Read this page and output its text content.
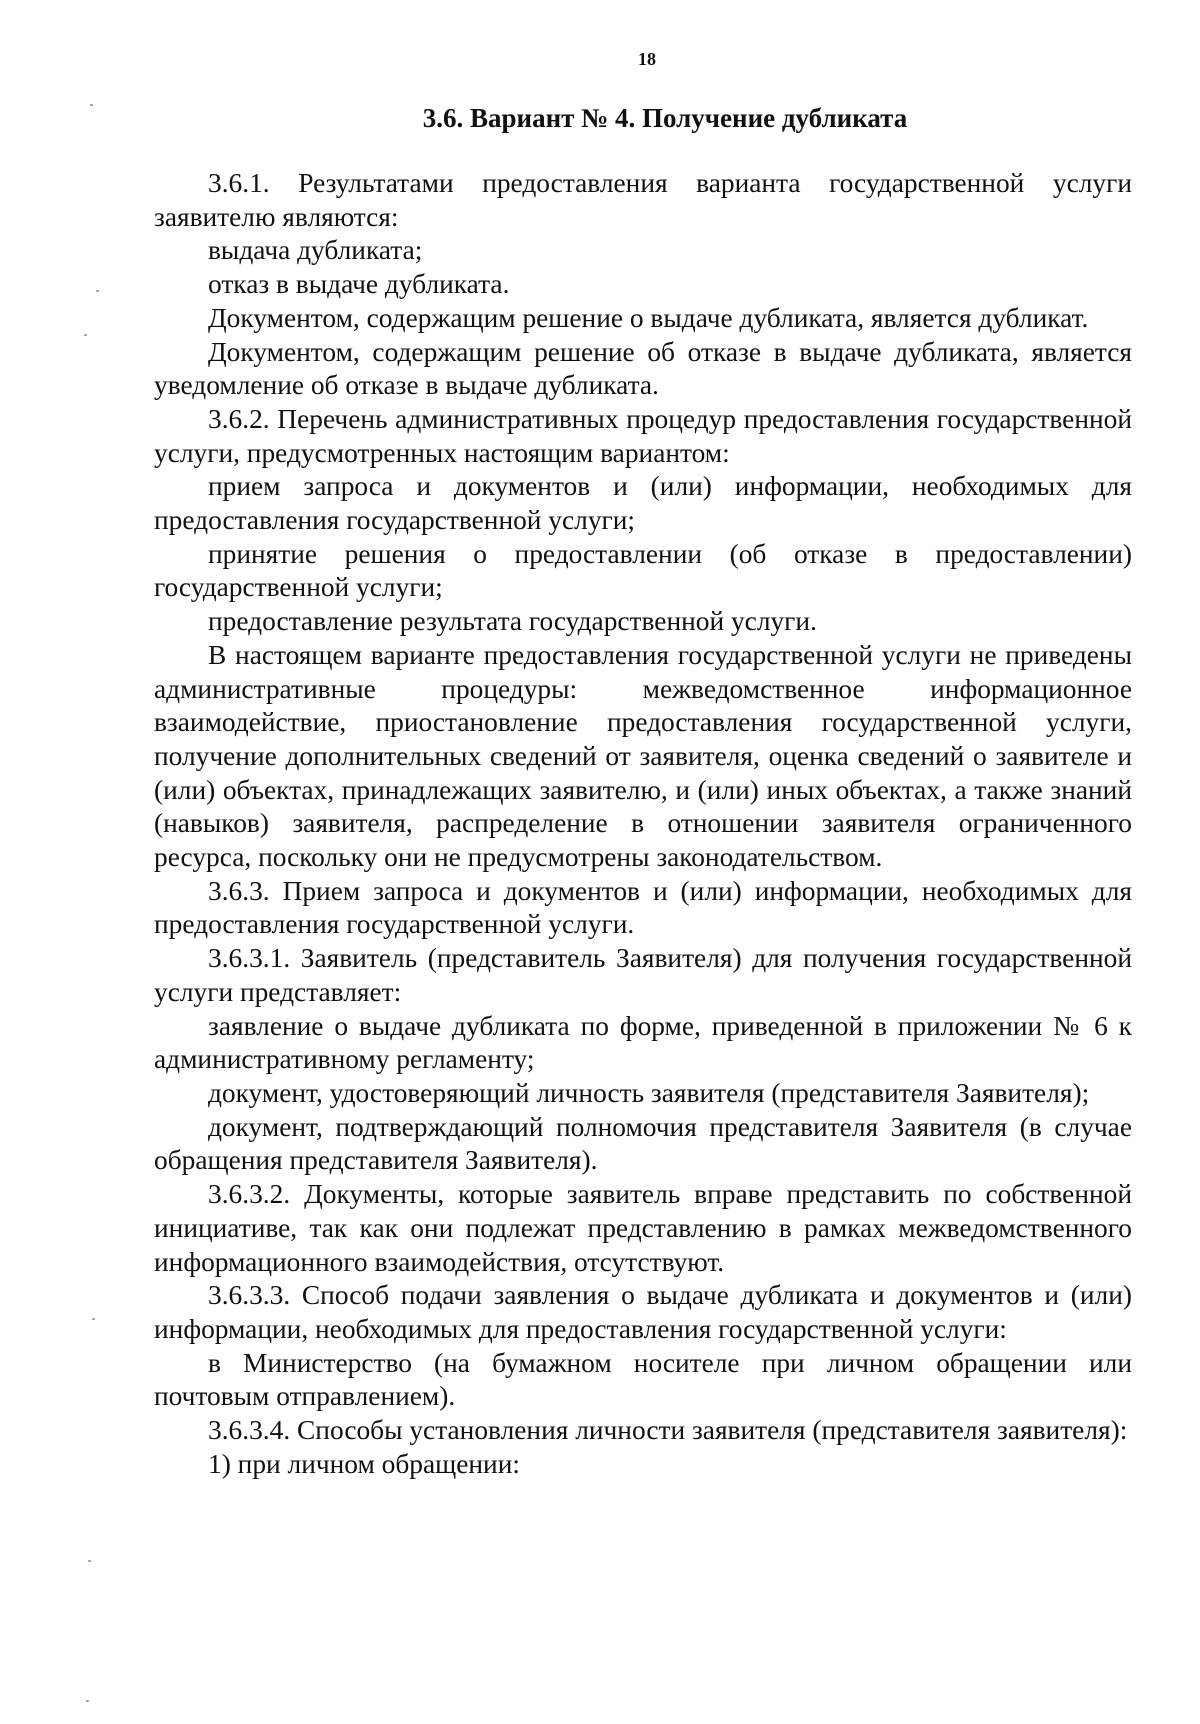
18
3.6. Вариант № 4. Получение дубликата

3.6.1. Результатами предоставления варианта государственной услуги заявителю являются:

выдача дубликата;

отказ в выдаче дубликата.

Документом, содержащим решение о выдаче дубликата, является дубликат.

Документом, содержащим решение об отказе в выдаче дубликата, является уведомление об отказе в выдаче дубликата.

3.6.2. Перечень административных процедур предоставления государственной услуги, предусмотренных настоящим вариантом:

прием запроса и документов и (или) информации, необходимых для предоставления государственной услуги;

принятие решения о предоставлении (об отказе в предоставлении) государственной услуги;

предоставление результата государственной услуги.

В настоящем варианте предоставления государственной услуги не приведены административные процедуры: межведомственное информационное взаимодействие, приостановление предоставления государственной услуги, получение дополнительных сведений от заявителя, оценка сведений о заявителе и (или) объектах, принадлежащих заявителю, и (или) иных объектах, а также знаний (навыков) заявителя, распределение в отношении заявителя ограниченного ресурса, поскольку они не предусмотрены законодательством.

3.6.3. Прием запроса и документов и (или) информации, необходимых для предоставления государственной услуги.

3.6.3.1. Заявитель (представитель Заявителя) для получения государственной услуги представляет:

заявление о выдаче дубликата по форме, приведенной в приложении № 6 к административному регламенту;

документ, удостоверяющий личность заявителя (представителя Заявителя);

документ, подтверждающий полномочия представителя Заявителя (в случае обращения представителя Заявителя).

3.6.3.2. Документы, которые заявитель вправе представить по собственной инициативе, так как они подлежат представлению в рамках межведомственного информационного взаимодействия, отсутствуют.

3.6.3.3. Способ подачи заявления о выдаче дубликата и документов и (или) информации, необходимых для предоставления государственной услуги:

в Министерство (на бумажном носителе при личном обращении или почтовым отправлением).

3.6.3.4. Способы установления личности заявителя (представителя заявителя):

1) при личном обращении:
